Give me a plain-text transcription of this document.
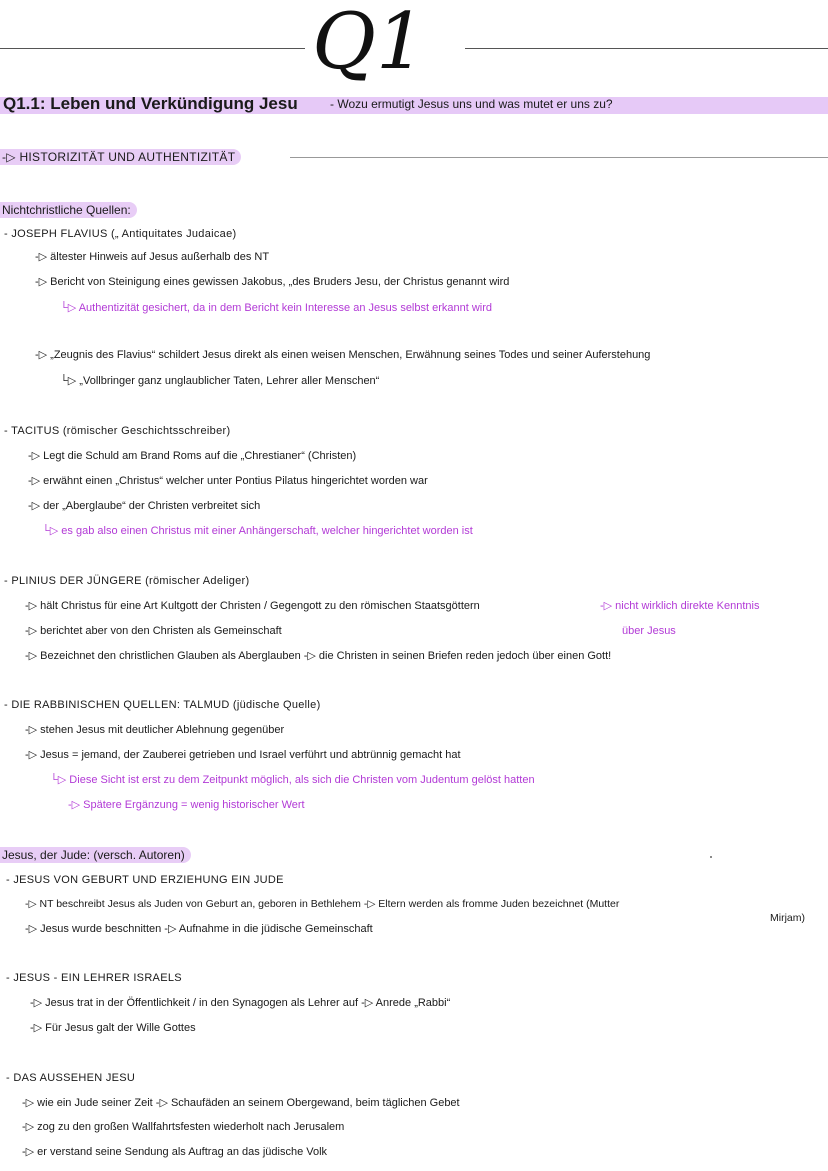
Q1
Q1.1: Leben und Verkündigung Jesu	- Wozu ermutigt Jesus uns und was mutet er uns zu?
-▷ HISTORIZITÄT UND AUTHENTIZITÄT
Nichtchristliche Quellen:
- JOSEPH FLAVIUS („ Antiquitates Judaicae)
-▷ ältester Hinweis auf Jesus außerhalb des NT
-▷ Bericht von Steinigung eines gewissen Jakobus, „des Bruders Jesu, der Christus genannt wird
└▷ Authentizität gesichert, da in dem Bericht kein Interesse an Jesus selbst erkannt wird
-▷ „Zeugnis des Flavius“ schildert Jesus direkt als einen weisen Menschen, Erwähnung seines Todes und seiner Auferstehung
└▷ „Vollbringer ganz unglaublicher Taten, Lehrer aller Menschen“
- TACITUS (römischer Geschichtsschreiber)
-▷ Legt die Schuld am Brand Roms auf die „Chrestianer“ (Christen)
-▷ erwähnt einen „Christus“ welcher unter Pontius Pilatus hingerichtet worden war
-▷ der „Aberglaube“ der Christen verbreitet sich
└▷ es gab also einen Christus mit einer Anhängerschaft, welcher hingerichtet worden ist
- PLINIUS DER JÜNGERE (römischer Adeliger)
-▷ hält Christus für eine Art Kultgott der Christen / Gegengott zu den römischen Staatsgöttern	-▷ nicht wirklich direkte Kenntnis
-▷ berichtet aber von den Christen als Gemeinschaft	über Jesus
-▷ Bezeichnet den christlichen Glauben als Aberglauben -▷ die Christen in seinen Briefen reden jedoch über einen Gott!
- DIE RABBINISCHEN QUELLEN: TALMUD (jüdische Quelle)
-▷ stehen Jesus mit deutlicher Ablehnung gegenüber
-▷ Jesus = jemand, der Zauberei getrieben und Israel verführt und abtrünnig gemacht hat
└▷ Diese Sicht ist erst zu dem Zeitpunkt möglich, als sich die Christen vom Judentum gelöst hatten
-▷ Spätere Ergänzung = wenig historischer Wert
Jesus, der Jude: (versch. Autoren)
- JESUS VON GEBURT UND ERZIEHUNG EIN JUDE
-▷ NT beschreibt Jesus als Juden von Geburt an, geboren in Bethlehem -▷ Eltern werden als fromme Juden bezeichnet (Mutter
Mirjam)
-▷ Jesus wurde beschnitten -▷ Aufnahme in die jüdische Gemeinschaft
- JESUS - EIN LEHRER ISRAELS
-▷ Jesus trat in der Öffentlichkeit / in den Synagogen als Lehrer auf -▷ Anrede „Rabbi“
-▷ Für Jesus galt der Wille Gottes
- DAS AUSSEHEN JESU
-▷ wie ein Jude seiner Zeit -▷ Schaufäden an seinem Obergewand, beim täglichen Gebet
-▷ zog zu den großen Wallfahrtsfesten wiederholt nach Jerusalem
-▷ er verstand seine Sendung als Auftrag an das jüdische Volk
